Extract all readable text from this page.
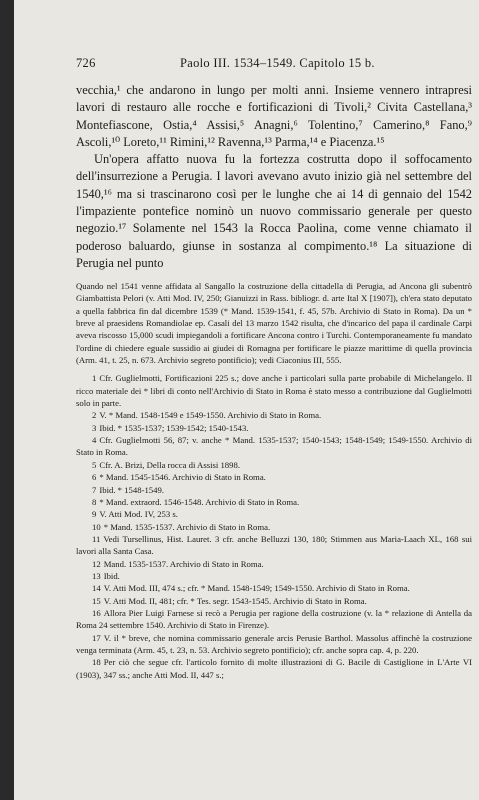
726	Paolo III. 1534–1549. Capitolo 15 b.

vecchia,¹ che andarono in lungo per molti anni. Insieme vennero intrapresi lavori di restauro alle rocche e fortificazioni di Tivoli,² Civita Castellana,³ Montefiascone, Ostia,⁴ Assisi,⁵ Anagni,⁶ Tolentino,⁷ Camerino,⁸ Fano,⁹ Ascoli,¹⁰ Loreto,¹¹ Rimini,¹² Ravenna,¹³ Parma,¹⁴ e Piacenza.¹⁵

Un'opera affatto nuova fu la fortezza costrutta dopo il soffocamento dell'insurrezione a Perugia. I lavori avevano avuto inizio già nel settembre del 1540,¹⁶ ma si trascinarono così per le lunghe che ai 14 di gennaio del 1542 l'impaziente pontefice nominò un nuovo commissario generale per questo negozio.¹⁷ Solamente nel 1543 la Rocca Paolina, come venne chiamato il poderoso baluardo, giunse in sostanza al compimento.¹⁸ La situazione di Perugia nel punto

Quando nel 1541 venne affidata al Sangallo la costruzione della cittadella di Perugia, ad Ancona gli subentrò Giambattista Pelori (v. Atti Mod. IV, 250; Gianuizzi in Rass. bibliogr. d. arte Ital X [1907]), ch'era stato deputato a quella fabbrica fin dal dicembre 1539 (* Mand. 1539-1541, f. 45, 57b. Archivio di Stato in Roma). Da un * breve al praesidens Romandiolae ep. Casali del 13 marzo 1542 risulta, che d'incarico del papa il cardinale Carpi aveva riscosso 15,000 scudi impiegandoli a fortificare Ancona contro i Turchi. Contemporaneamente fu mandato l'ordine di chiedere eguale sussidio ai giudei di Romagna per fortificare le piazze marittime di quella provincia (Arm. 41, t. 25, n. 673. Archivio segreto pontificio); vedi Ciaconius III, 555.

1 Cfr. Guglielmotti, Fortificazioni 225 s.; dove anche i particolari sulla parte probabile di Michelangelo. Il ricco materiale dei * libri di conto nell'Archivio di Stato in Roma è stato messo a contribuzione dal Guglielmotti solo in parte.

2 V. * Mand. 1548-1549 e 1549-1550. Archivio di Stato in Roma.

3 Ibid. * 1535-1537; 1539-1542; 1540-1543.

4 Cfr. Guglielmotti 56, 87; v. anche * Mand. 1535-1537; 1540-1543; 1548-1549; 1549-1550. Archivio di Stato in Roma.

5 Cfr. A. Brizi, Della rocca di Assisi 1898.

6 * Mand. 1545-1546. Archivio di Stato in Roma.

7 Ibid. * 1548-1549.

8 * Mand. extraord. 1546-1548. Archivio di Stato in Roma.

9 V. Atti Mod. IV, 253 s.

10 * Mand. 1535-1537. Archivio di Stato in Roma.

11 Vedi Tursellinus, Hist. Lauret. 3 cfr. anche Belluzzi 130, 180; Stimmen aus Maria-Laach XL, 168 sui lavori alla Santa Casa.

12 Mand. 1535-1537. Archivio di Stato in Roma.

13 Ibid.

14 V. Atti Mod. III, 474 s.; cfr. * Mand. 1548-1549; 1549-1550. Archivio di Stato in Roma.

15 V. Atti Mod. II, 481; cfr. * Tes. segr. 1543-1545. Archivio di Stato in Roma.

16 Allora Pier Luigi Farnese si recò a Perugia per ragione della costruzione (v. la * relazione di Antella da Roma 24 settembre 1540. Archivio di Stato in Firenze).

17 V. il * breve, che nomina commissario generale arcis Perusie Barthol. Massolus affinchè la costruzione venga terminata (Arm. 45, t. 23, n. 53. Archivio segreto pontificio); cfr. anche sopra cap. 4, p. 220.

18 Per ciò che segue cfr. l'articolo fornito di molte illustrazioni di G. Bacile di Castiglione in L'Arte VI (1903), 347 ss.; anche Atti Mod. II, 447 s.;
